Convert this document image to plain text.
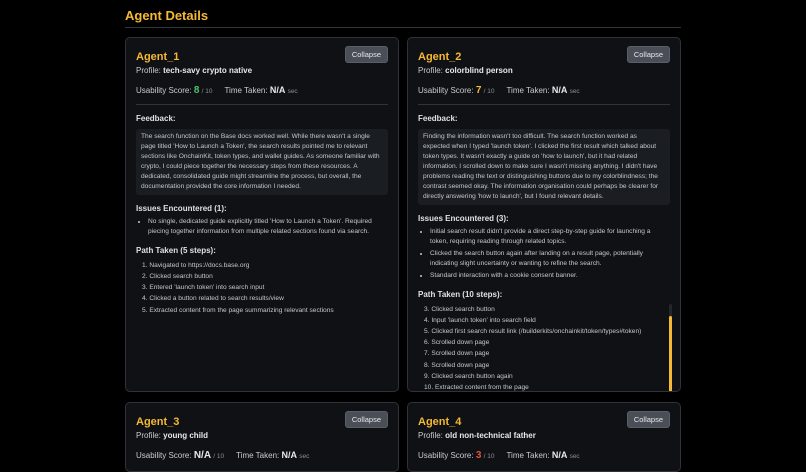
Agent Details
Agent_1	Collapse
Profile: tech-savy crypto native
Usability Score: 8 / 10 Time Taken: N/A sec
Feedback:
The search function on the Base docs worked well. While there wasn't a single page titled 'How to Launch a Token', the search results pointed me to relevant sections like OnchainKit, token types, and wallet guides. As someone familiar with crypto, I could piece together the necessary steps from these resources. A dedicated, consolidated guide might streamline the process, but overall, the documentation provided the core information I needed.
Issues Encountered (1):
• No single, dedicated guide explicitly titled 'How to Launch a Token'. Required piecing together information from multiple related sections found via search.
Path Taken (5 steps):
1. Navigated to https://docs.base.org
2. Clicked search button
3. Entered 'launch token' into search input
4. Clicked a button related to search results/view
5. Extracted content from the page summarizing relevant sections
Agent_2	Collapse
Profile: colorblind person
Usability Score: 7 / 10 Time Taken: N/A sec
Feedback:
Finding the information wasn't too difficult. The search function worked as expected when I typed 'launch token'. I clicked the first result which talked about token types. It wasn't exactly a guide on 'how to launch', but it had related information. I scrolled down to make sure I wasn't missing anything. I didn't have problems reading the text or distinguishing buttons due to my colorblindness; the contrast seemed okay. The information organisation could perhaps be clearer for directly answering 'how to launch', but I found relevant details.
Issues Encountered (3):
• Initial search result didn't provide a direct step-by-step guide for launching a token, requiring reading through related topics.
• Clicked the search button again after landing on a result page, potentially indicating slight uncertainty or wanting to refine the search.
• Standard interaction with a cookie consent banner.
Path Taken (10 steps):
3. Clicked search button
4. Input 'launch token' into search field
5. Clicked first search result link (/builderkits/onchainkit/token/types#token)
6. Scrolled down page
7. Scrolled down page
8. Scrolled down page
9. Clicked search button again
10. Extracted content from the page
Agent_3	Collapse
Profile: young child
Usability Score: N/A / 10 Time Taken: N/A sec
Agent_4	Collapse
Profile: old non-technical father
Usability Score: 3 / 10 Time Taken: N/A sec
